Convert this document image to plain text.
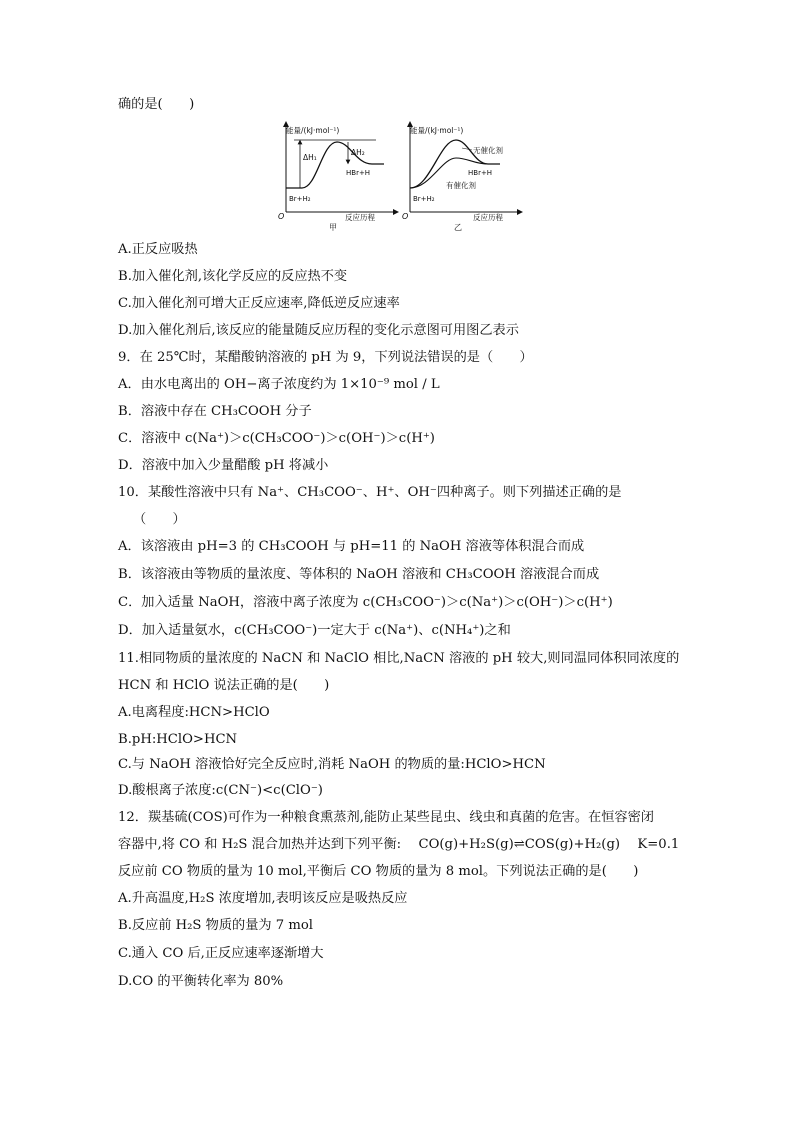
确的是(　　)
A.正反应吸热
B.加入催化剂,该化学反应的反应热不变
C.加入催化剂可增大正反应速率,降低逆反应速率
D.加入催化剂后,该反应的能量随反应历程的变化示意图可用图乙表示
9．在 25℃时，某醋酸钠溶液的 pH 为 9，下列说法错误的是（　　）
A．由水电离出的 OH−离子浓度约为 1×10⁻⁹ mol / L
B．溶液中存在 CH₃COOH 分子
C．溶液中 c(Na⁺)＞c(CH₃COO⁻)＞c(OH⁻)＞c(H⁺)
D．溶液中加入少量醋酸 pH 将减小
10．某酸性溶液中只有 Na⁺、CH₃COO⁻、H⁺、OH⁻四种离子。则下列描述正确的是
（　　）
A．该溶液由 pH=3 的 CH₃COOH 与 pH=11 的 NaOH 溶液等体积混合而成
B．该溶液由等物质的量浓度、等体积的 NaOH 溶液和 CH₃COOH 溶液混合而成
C．加入适量 NaOH，溶液中离子浓度为 c(CH₃COO⁻)＞c(Na⁺)＞c(OH⁻)＞c(H⁺)
D．加入适量氨水，c(CH₃COO⁻)一定大于 c(Na⁺)、c(NH₄⁺)之和
11.相同物质的量浓度的 NaCN 和 NaClO 相比,NaCN 溶液的 pH 较大,则同温同体积同浓度的
HCN 和 HClO 说法正确的是(　　)
A.电离程度:HCN>HClO
B.pH:HClO>HCN
C.与 NaOH 溶液恰好完全反应时,消耗 NaOH 的物质的量:HClO>HCN
D.酸根离子浓度:c(CN⁻)<c(ClO⁻)
12．羰基硫(COS)可作为一种粮食熏蒸剂,能防止某些昆虫、线虫和真菌的危害。在恒容密闭
容器中,将 CO 和 H₂S 混合加热并达到下列平衡:　 CO(g)+H₂S(g)⇌COS(g)+H₂(g)　 K=0.1
反应前 CO 物质的量为 10 mol,平衡后 CO 物质的量为 8 mol。下列说法正确的是(　　)
A.升高温度,H₂S 浓度增加,表明该反应是吸热反应
B.反应前 H₂S 物质的量为 7 mol
C.通入 CO 后,正反应速率逐渐增大
D.CO 的平衡转化率为 80%
能量/(kJ·mol⁻¹)
ΔH₁
ΔH₂
HBr+H
Br+H₂
O	反应历程
甲
能量/(kJ·mol⁻¹)
无催化剂
HBr+H
有催化剂
Br+H₂
O	反应历程
乙
